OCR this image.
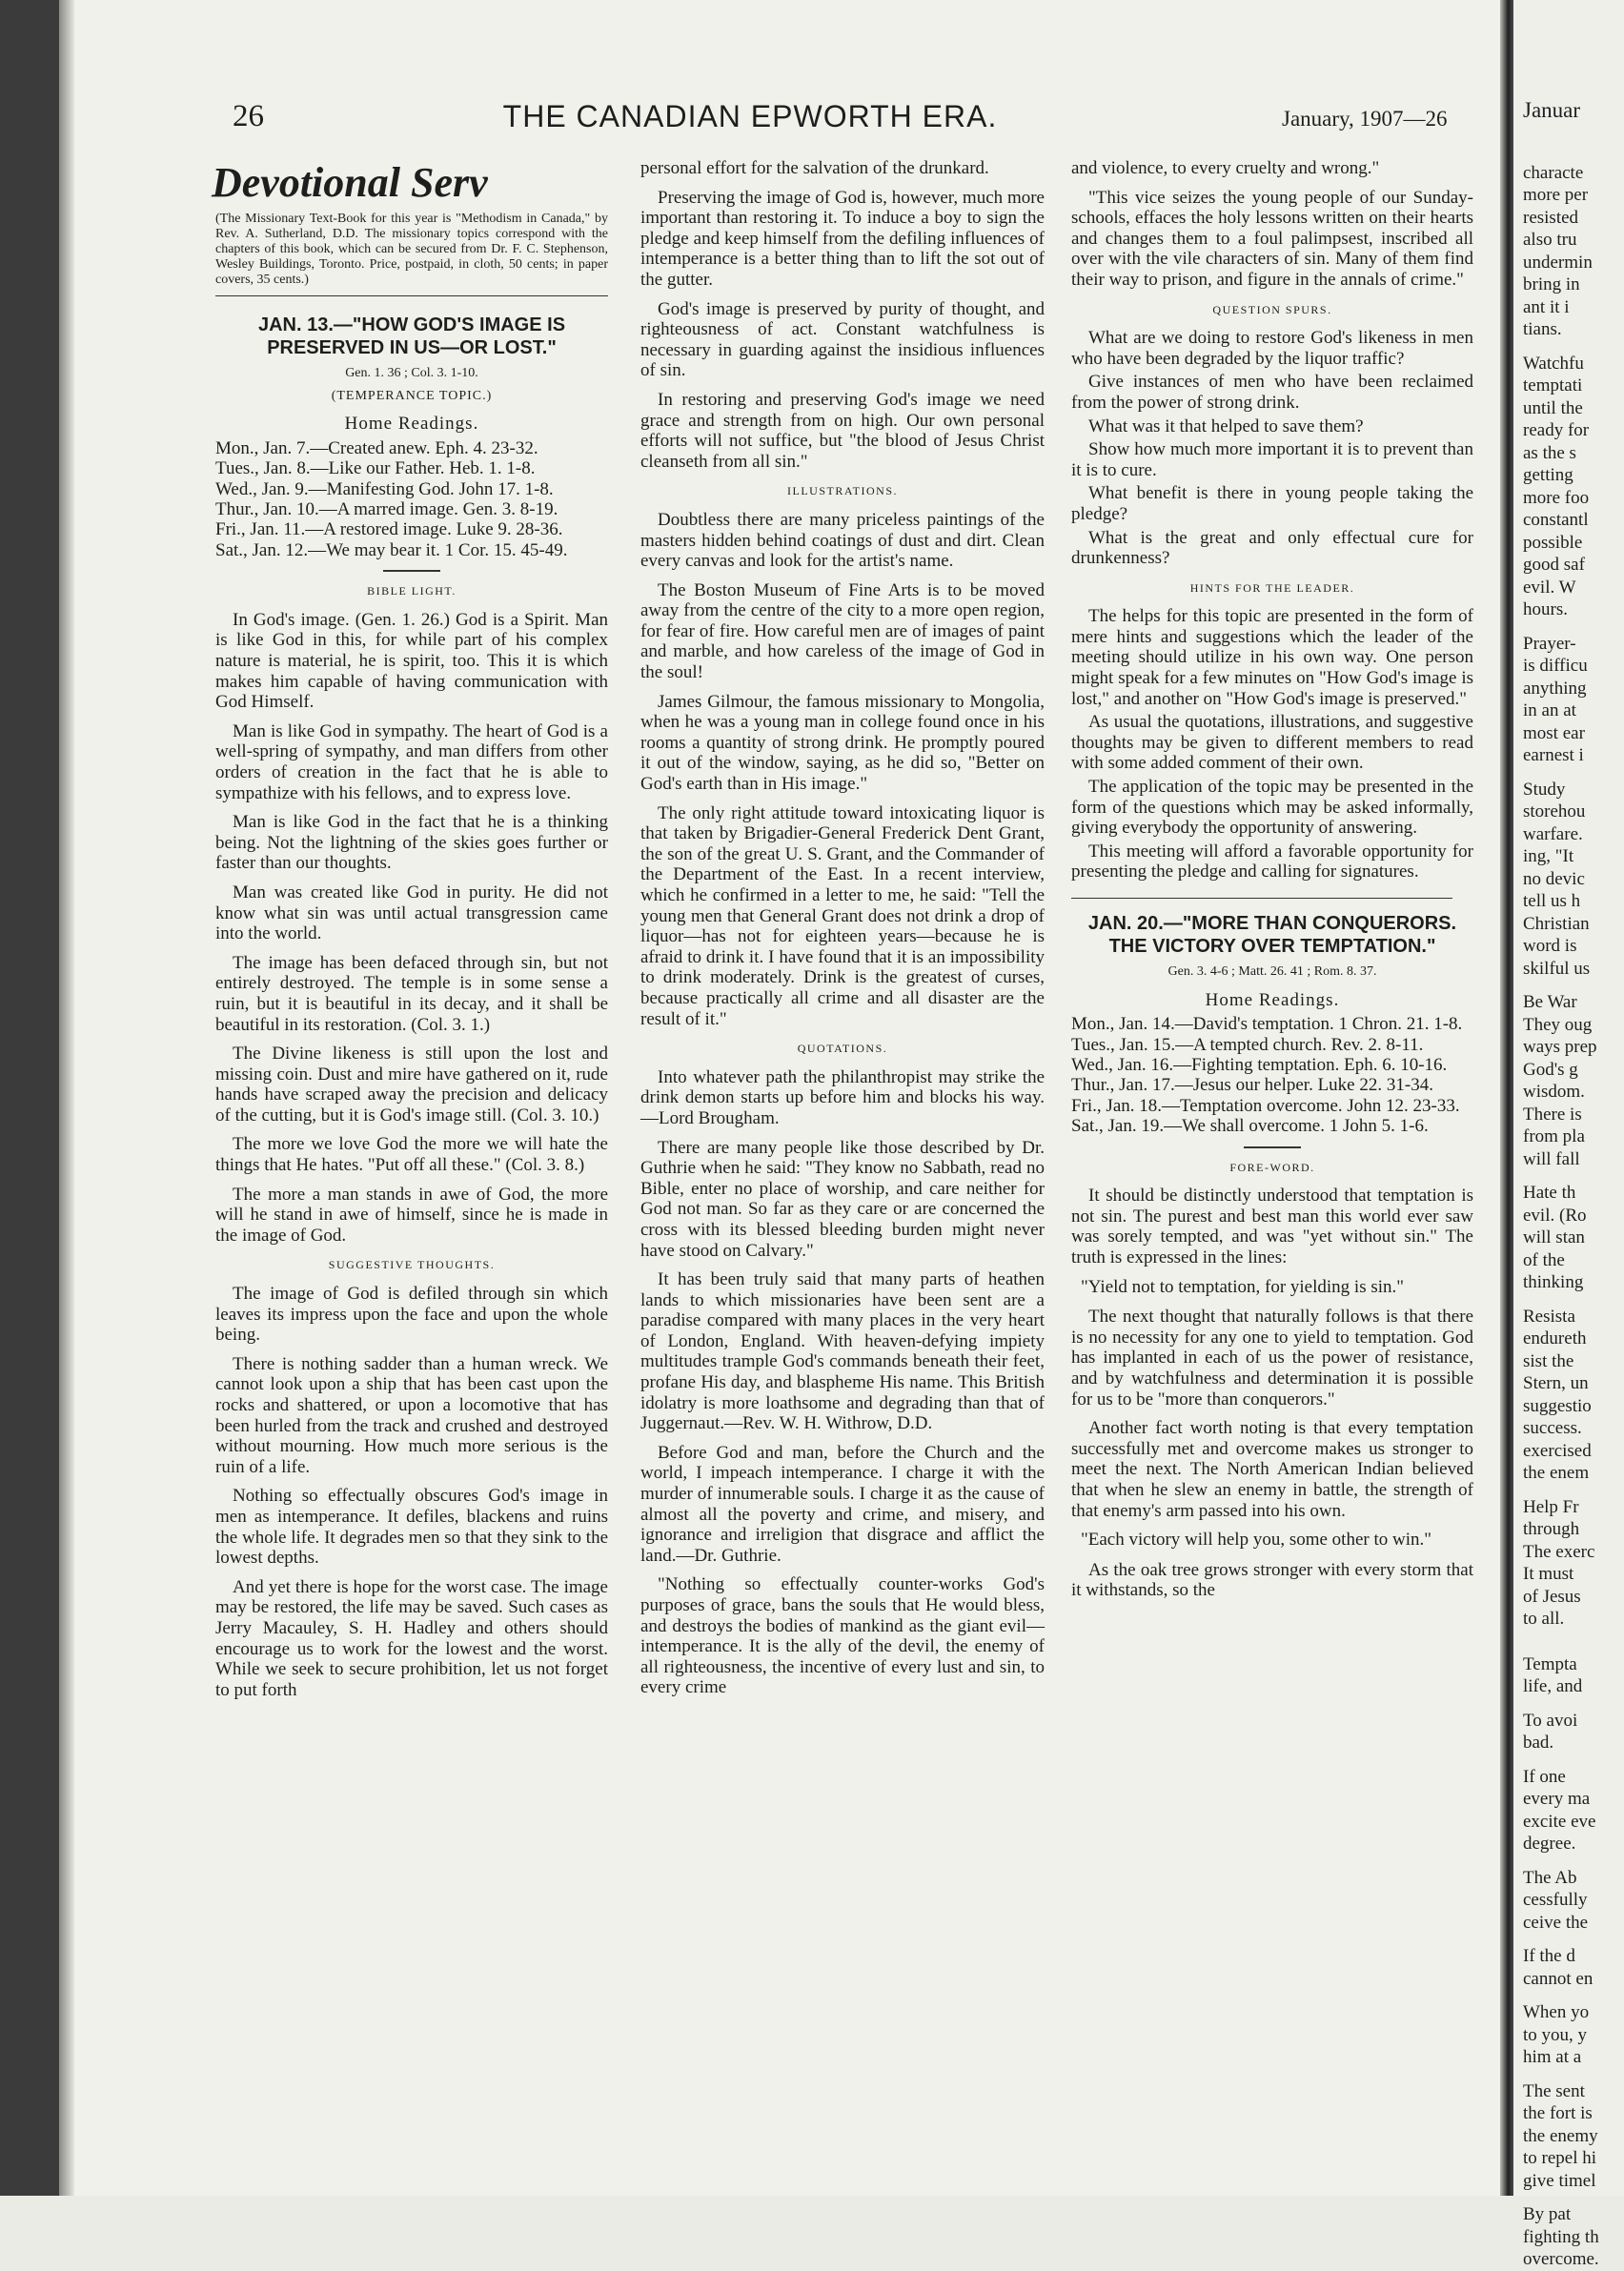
26	THE CANADIAN EPWORTH ERA.	January, 1907—26
Devotional Serv
(The Missionary Text-Book for this year is "Methodism in Canada," by Rev. A. Sutherland, D.D. The missionary topics correspond with the chapters of this book, which can be secured from Dr. F. C. Stephenson, Wesley Buildings, Toronto. Price, postpaid, in cloth, 50 cents; in paper covers, 35 cents.)
JAN. 13.—"HOW GOD'S IMAGE IS PRESERVED IN US—OR LOST."
Gen. 1. 36 ; Col. 3. 1-10.
(TEMPERANCE TOPIC.)
Home Readings.

Mon., Jan. 7.—Created anew. Eph. 4. 23-32.

Tues., Jan. 8.—Like our Father. Heb. 1. 1-8.

Wed., Jan. 9.—Manifesting God. John 17. 1-8.

Thur., Jan. 10.—A marred image. Gen. 3. 8-19.

Fri., Jan. 11.—A restored image. Luke 9. 28-36.

Sat., Jan. 12.—We may bear it. 1 Cor. 15. 45-49.

BIBLE LIGHT.

In God's image. (Gen. 1. 26.) God is a Spirit. Man is like God in this, for while part of his complex nature is material, he is spirit, too. This it is which makes him capable of having communication with God Himself.

Man is like God in sympathy. The heart of God is a well-spring of sympathy, and man differs from other orders of creation in the fact that he is able to sympathize with his fellows, and to express love.

Man is like God in the fact that he is a thinking being. Not the lightning of the skies goes further or faster than our thoughts.

Man was created like God in purity. He did not know what sin was until actual transgression came into the world.

The image has been defaced through sin, but not entirely destroyed. The temple is in some sense a ruin, but it is beautiful in its decay, and it shall be beautiful in its restoration. (Col. 3. 1.)

The Divine likeness is still upon the lost and missing coin. Dust and mire have gathered on it, rude hands have scraped away the precision and delicacy of the cutting, but it is God's image still. (Col. 3. 10.)

The more we love God the more we will hate the things that He hates. "Put off all these." (Col. 3. 8.)

The more a man stands in awe of God, the more will he stand in awe of himself, since he is made in the image of God.

SUGGESTIVE THOUGHTS.

The image of God is defiled through sin which leaves its impress upon the face and upon the whole being.

There is nothing sadder than a human wreck. We cannot look upon a ship that has been cast upon the rocks and shattered, or upon a locomotive that has been hurled from the track and crushed and destroyed without mourning. How much more serious is the ruin of a life.

Nothing so effectually obscures God's image in men as intemperance. It defiles, blackens and ruins the whole life. It degrades men so that they sink to the lowest depths.

And yet there is hope for the worst case. The image may be restored, the life may be saved. Such cases as Jerry Macauley, S. H. Hadley and others should encourage us to work for the lowest and the worst. While we seek to secure prohibition, let us not forget to put forth

personal effort for the salvation of the drunkard.

Preserving the image of God is, however, much more important than restoring it. To induce a boy to sign the pledge and keep himself from the defiling influences of intemperance is a better thing than to lift the sot out of the gutter.

God's image is preserved by purity of thought, and righteousness of act. Constant watchfulness is necessary in guarding against the insidious influences of sin.

In restoring and preserving God's image we need grace and strength from on high. Our own personal efforts will not suffice, but "the blood of Jesus Christ cleanseth from all sin."

ILLUSTRATIONS.

Doubtless there are many priceless paintings of the masters hidden behind coatings of dust and dirt. Clean every canvas and look for the artist's name.

The Boston Museum of Fine Arts is to be moved away from the centre of the city to a more open region, for fear of fire. How careful men are of images of paint and marble, and how careless of the image of God in the soul!

James Gilmour, the famous missionary to Mongolia, when he was a young man in college found once in his rooms a quantity of strong drink. He promptly poured it out of the window, saying, as he did so, "Better on God's earth than in His image."

The only right attitude toward intoxicating liquor is that taken by Brigadier-General Frederick Dent Grant, the son of the great U. S. Grant, and the Commander of the Department of the East. In a recent interview, which he confirmed in a letter to me, he said: "Tell the young men that General Grant does not drink a drop of liquor—has not for eighteen years—because he is afraid to drink it. I have found that it is an impossibility to drink moderately. Drink is the greatest of curses, because practically all crime and all disaster are the result of it."

QUOTATIONS.

Into whatever path the philanthropist may strike the drink demon starts up before him and blocks his way.—Lord Brougham.

There are many people like those described by Dr. Guthrie when he said: "They know no Sabbath, read no Bible, enter no place of worship, and care neither for God not man. So far as they care or are concerned the cross with its blessed bleeding burden might never have stood on Calvary."

It has been truly said that many parts of heathen lands to which missionaries have been sent are a paradise compared with many places in the very heart of London, England. With heaven-defying impiety multitudes trample God's commands beneath their feet, profane His day, and blaspheme His name. This British idolatry is more loathsome and degrading than that of Juggernaut.—Rev. W. H. Withrow, D.D.

Before God and man, before the Church and the world, I impeach intemperance. I charge it with the murder of innumerable souls. I charge it as the cause of almost all the poverty and crime, and misery, and ignorance and irreligion that disgrace and afflict the land.—Dr. Guthrie.

"Nothing so effectually counter-works God's purposes of grace, bans the souls that He would bless, and destroys the bodies of mankind as the giant evil—intemperance. It is the ally of the devil, the enemy of all righteousness, the incentive of every lust and sin, to every crime

and violence, to every cruelty and wrong."

"This vice seizes the young people of our Sunday-schools, effaces the holy lessons written on their hearts and changes them to a foul palimpsest, inscribed all over with the vile characters of sin. Many of them find their way to prison, and figure in the annals of crime."

QUESTION SPURS.

What are we doing to restore God's likeness in men who have been degraded by the liquor traffic?

Give instances of men who have been reclaimed from the power of strong drink.

What was it that helped to save them?

Show how much more important it is to prevent than it is to cure.

What benefit is there in young people taking the pledge?

What is the great and only effectual cure for drunkenness?

HINTS FOR THE LEADER.

The helps for this topic are presented in the form of mere hints and suggestions which the leader of the meeting should utilize in his own way. One person might speak for a few minutes on "How God's image is lost," and another on "How God's image is preserved."

As usual the quotations, illustrations, and suggestive thoughts may be given to different members to read with some added comment of their own.

The application of the topic may be presented in the form of the questions which may be asked informally, giving everybody the opportunity of answering.

This meeting will afford a favorable opportunity for presenting the pledge and calling for signatures.

JAN. 20.—"MORE THAN CONQUERORS. THE VICTORY OVER TEMPTATION."
Gen. 3. 4-6 ; Matt. 26. 41 ; Rom. 8. 37.
Home Readings.

Mon., Jan. 14.—David's temptation. 1 Chron. 21. 1-8.

Tues., Jan. 15.—A tempted church. Rev. 2. 8-11.

Wed., Jan. 16.—Fighting temptation. Eph. 6. 10-16.

Thur., Jan. 17.—Jesus our helper. Luke 22. 31-34.

Fri., Jan. 18.—Temptation overcome. John 12. 23-33.

Sat., Jan. 19.—We shall overcome. 1 John 5. 1-6.

FORE-WORD.

It should be distinctly understood that temptation is not sin. The purest and best man this world ever saw was sorely tempted, and was "yet without sin." The truth is expressed in the lines:

"Yield not to temptation, for yielding is sin."

The next thought that naturally follows is that there is no necessity for any one to yield to temptation. God has implanted in each of us the power of resistance, and by watchfulness and determination it is possible for us to be "more than conquerors."

Another fact worth noting is that every temptation successfully met and overcome makes us stronger to meet the next. The North American Indian believed that when he slew an enemy in battle, the strength of that enemy's arm passed into his own.

"Each victory will help you, some other to win."

As the oak tree grows stronger with every storm that it withstands, so the

Januar
characte
more per
resisted
also tru
undermin
bring in
ant it i
tians.

Watchfu
temptati
until the
ready for
as the s
getting
more foo
constantl
possible
good saf
evil. W
hours.

Prayer-
is difficu
anything
in an at
most ear
earnest i

Study
storehou
warfare.
ing, "It
no devic
tell us h
Christian
word is
skilful us

Be War
They oug
ways prep
God's g
wisdom.
There is
from pla
will fall

Hate th
evil. (Ro
will stan
of the
thinking

Resista
endureth
sist the
Stern, un
suggestio
success.
exercised
the enem

Help Fr
through
The exerc
It must
of Jesus
to all.

Tempta
life, and

To avoi
bad.

If one
every ma
excite eve
degree.

The Ab
cessfully
ceive the

If the d
cannot en

When yo
to you, y
him at a

The sent
the fort is
the enemy
to repel hi
give timel

By pat
fighting th
overcome.
